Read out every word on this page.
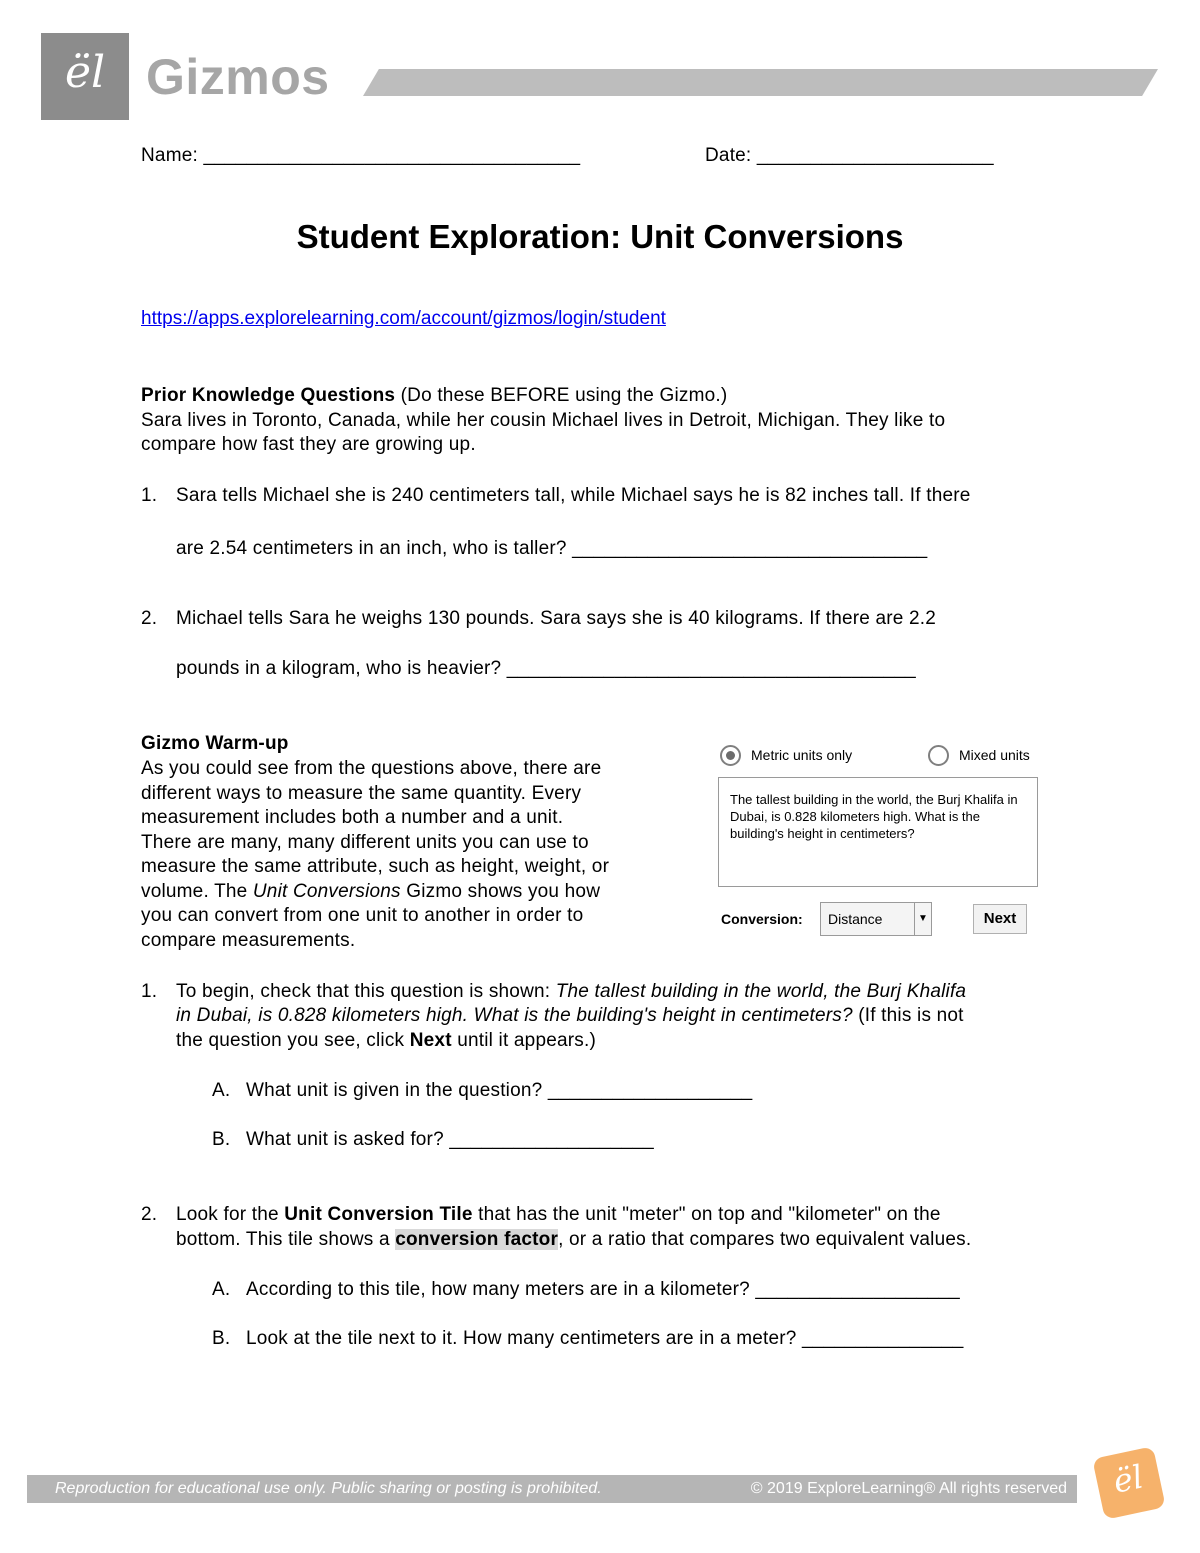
ël Gizmos
Name: ___________________________________	Date: ______________________
Student Exploration: Unit Conversions
https://apps.explorelearning.com/account/gizmos/login/student
Prior Knowledge Questions (Do these BEFORE using the Gizmo.)
Sara lives in Toronto, Canada, while her cousin Michael lives in Detroit, Michigan. They like to
compare how fast they are growing up.
1. Sara tells Michael she is 240 centimeters tall, while Michael says he is 82 inches tall. If there
are 2.54 centimeters in an inch, who is taller? _________________________________
2. Michael tells Sara he weighs 130 pounds. Sara says she is 40 kilograms. If there are 2.2
pounds in a kilogram, who is heavier? ______________________________________
Gizmo Warm-up
As you could see from the questions above, there are
different ways to measure the same quantity. Every
measurement includes both a number and a unit.
There are many, many different units you can use to
measure the same attribute, such as height, weight, or
volume. The Unit Conversions Gizmo shows you how
you can convert from one unit to another in order to
compare measurements.
Metric units only	Mixed units
The tallest building in the world, the Burj Khalifa in Dubai, is 0.828 kilometers high. What is the building's height in centimeters?
Conversion: Distance	▼	Next
1. To begin, check that this question is shown: The tallest building in the world, the Burj Khalifa
in Dubai, is 0.828 kilometers high. What is the building's height in centimeters? (If this is not
the question you see, click Next until it appears.)
A. What unit is given in the question? ___________________
B. What unit is asked for? ___________________
2. Look for the Unit Conversion Tile that has the unit "meter" on top and "kilometer" on the
bottom. This tile shows a conversion factor, or a ratio that compares two equivalent values.
A. According to this tile, how many meters are in a kilometer? ___________________
B. Look at the tile next to it. How many centimeters are in a meter? _______________
Reproduction for educational use only. Public sharing or posting is prohibited.	© 2019 ExploreLearning® All rights reserved	ël
